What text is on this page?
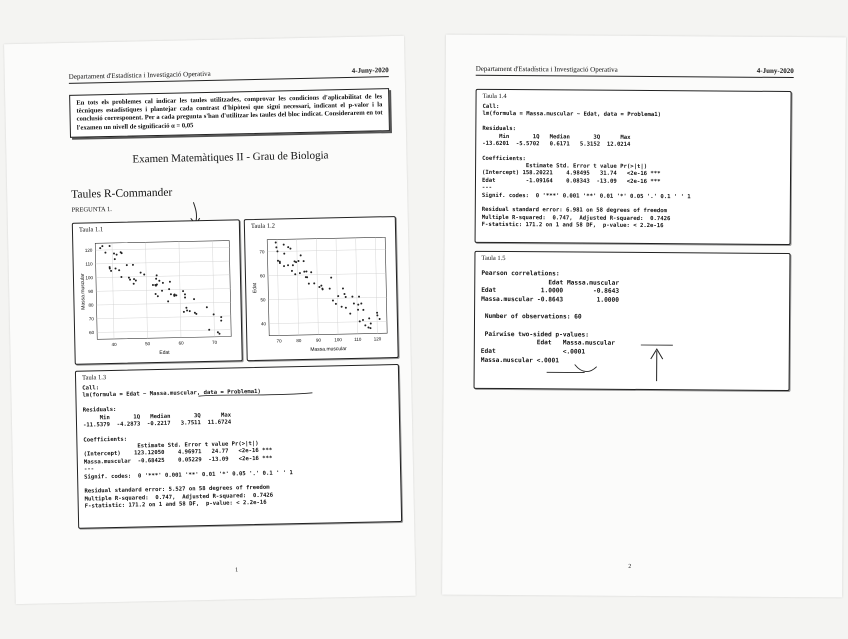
Departament d'Estadística i Investigació Operativa	4-Juny-2020
En tots els problemes cal indicar les taules utilitzades, comprovar les condicions d'aplicabilitat de les tècniques estadístiques i plantejar cada contrast d'hipòtesi que sigui necessari, indicant el p-valor i la conclusió corresponent. Per a cada pregunta s'han d'utilitzar les taules del bloc indicat. Considerarem en tot l'examen un nivell de significació α = 0,05
Examen Matemàtiques II - Grau de Biologia
Taules R-Commander
PREGUNTA 1.
Taula 1.1
40	50	60	70
60
70
80
90
100
110
120
Edat
Massa.muscular
Taula 1.2
70	80	90	100	110	120
40
50
60
70
Massa.muscular
Edat
Taula 1.3
Call:
lm(formula = Edat ~ Massa.muscular, data = Problema1)

Residuals:
Min       1Q   Median       3Q      Max
-11.5379  -4.2873  -0.2217   3.7511  11.6724

Coefficients:
Estimate Std. Error t value Pr(>|t|)
(Intercept)    123.12050    4.96971   24.77   <2e-16 ***
Massa.muscular  -0.68425    0.05229  -13.09   <2e-16 ***
---
Signif. codes:  0 '***' 0.001 '**' 0.01 '*' 0.05 '.' 0.1 ' ' 1

Residual standard error: 5.527 on 58 degrees of freedom
Multiple R-squared:  0.747,  Adjusted R-squared:  0.7426
F-statistic: 171.2 on 1 and 58 DF,  p-value: < 2.2e-16
1
Departament d'Estadística i Investigació Operativa	4-Juny-2020
Taula 1.4
Call:
lm(formula = Massa.muscular ~ Edat, data = Problema1)

Residuals:
Min       1Q   Median       3Q      Max
-13.6201  -5.5702   0.6171   5.3152  12.0214

Coefficients:
Estimate Std. Error t value Pr(>|t|)
(Intercept) 158.20221    4.98495   31.74   <2e-16 ***
Edat         -1.09164    0.08343  -13.09   <2e-16 ***
---
Signif. codes:  0 '***' 0.001 '**' 0.01 '*' 0.05 '.' 0.1 ' ' 1

Residual standard error: 6.981 on 58 degrees of freedom
Multiple R-squared:  0.747,  Adjusted R-squared:  0.7426
F-statistic: 171.2 on 1 and 58 DF,  p-value: < 2.2e-16
Taula 1.5
Pearson correlations:
Edat Massa.muscular
Edat            1.0000        -0.8643
Massa.muscular -0.8643         1.0000

Number of observations: 60

Pairwise two-sided p-values:
Edat   Massa.muscular
Edat                  <.0001
Massa.muscular <.0001
2
